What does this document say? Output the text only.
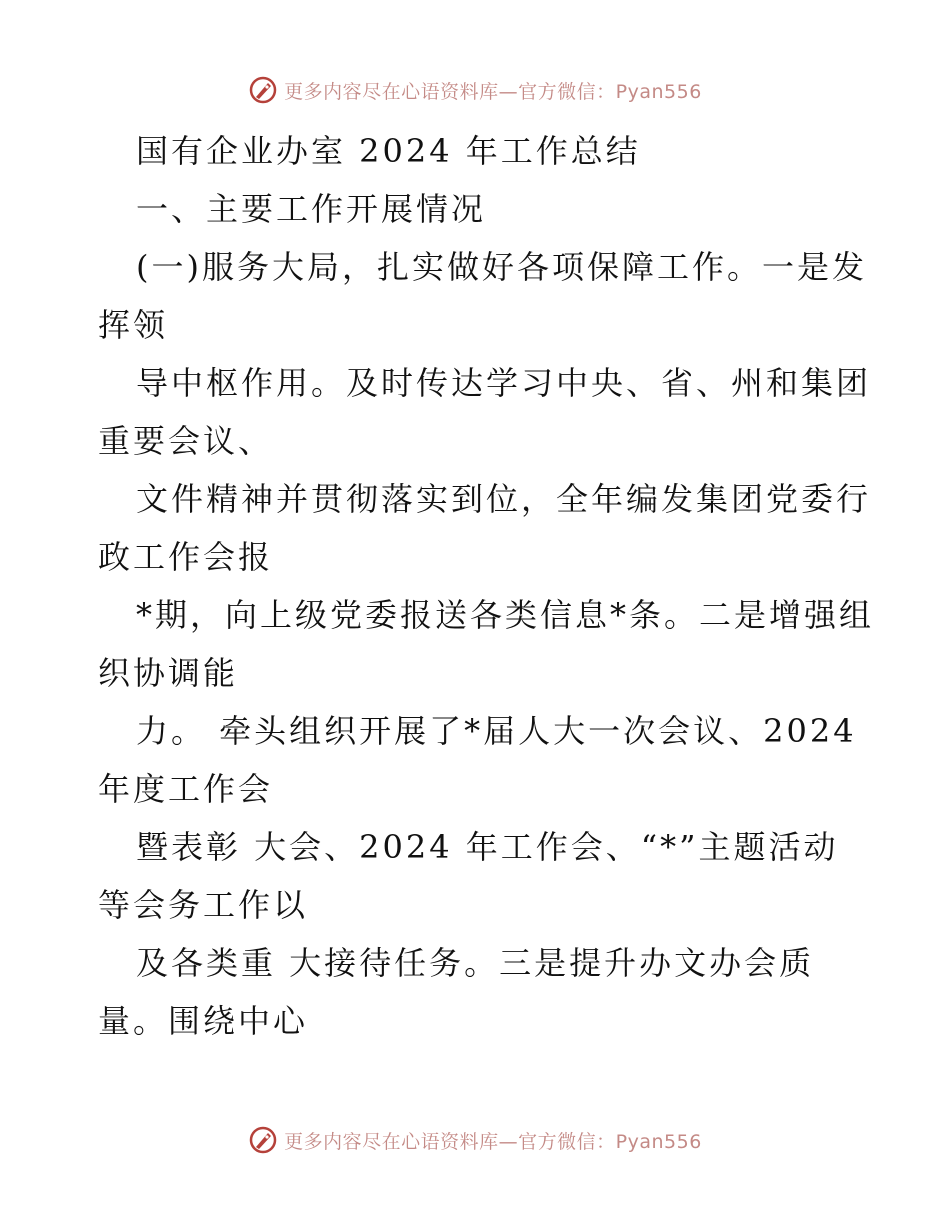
更多内容尽在心语资料库—官方微信：Pyan556
国有企业办室 2024 年工作总结
一、主要工作开展情况
(一)服务大局，扎实做好各项保障工作。一是发
挥领
导中枢作用。及时传达学习中央、省、州和集团
重要会议、
文件精神并贯彻落实到位，全年编发集团党委行
政工作会报
*期，向上级党委报送各类信息*条。二是增强组
织协调能
力。 牵头组织开展了*届人大一次会议、2024
年度工作会
暨表彰 大会、2024 年工作会、“*”主题活动
等会务工作以
及各类重 大接待任务。三是提升办文办会质
量。围绕中心
更多内容尽在心语资料库—官方微信：Pyan556
